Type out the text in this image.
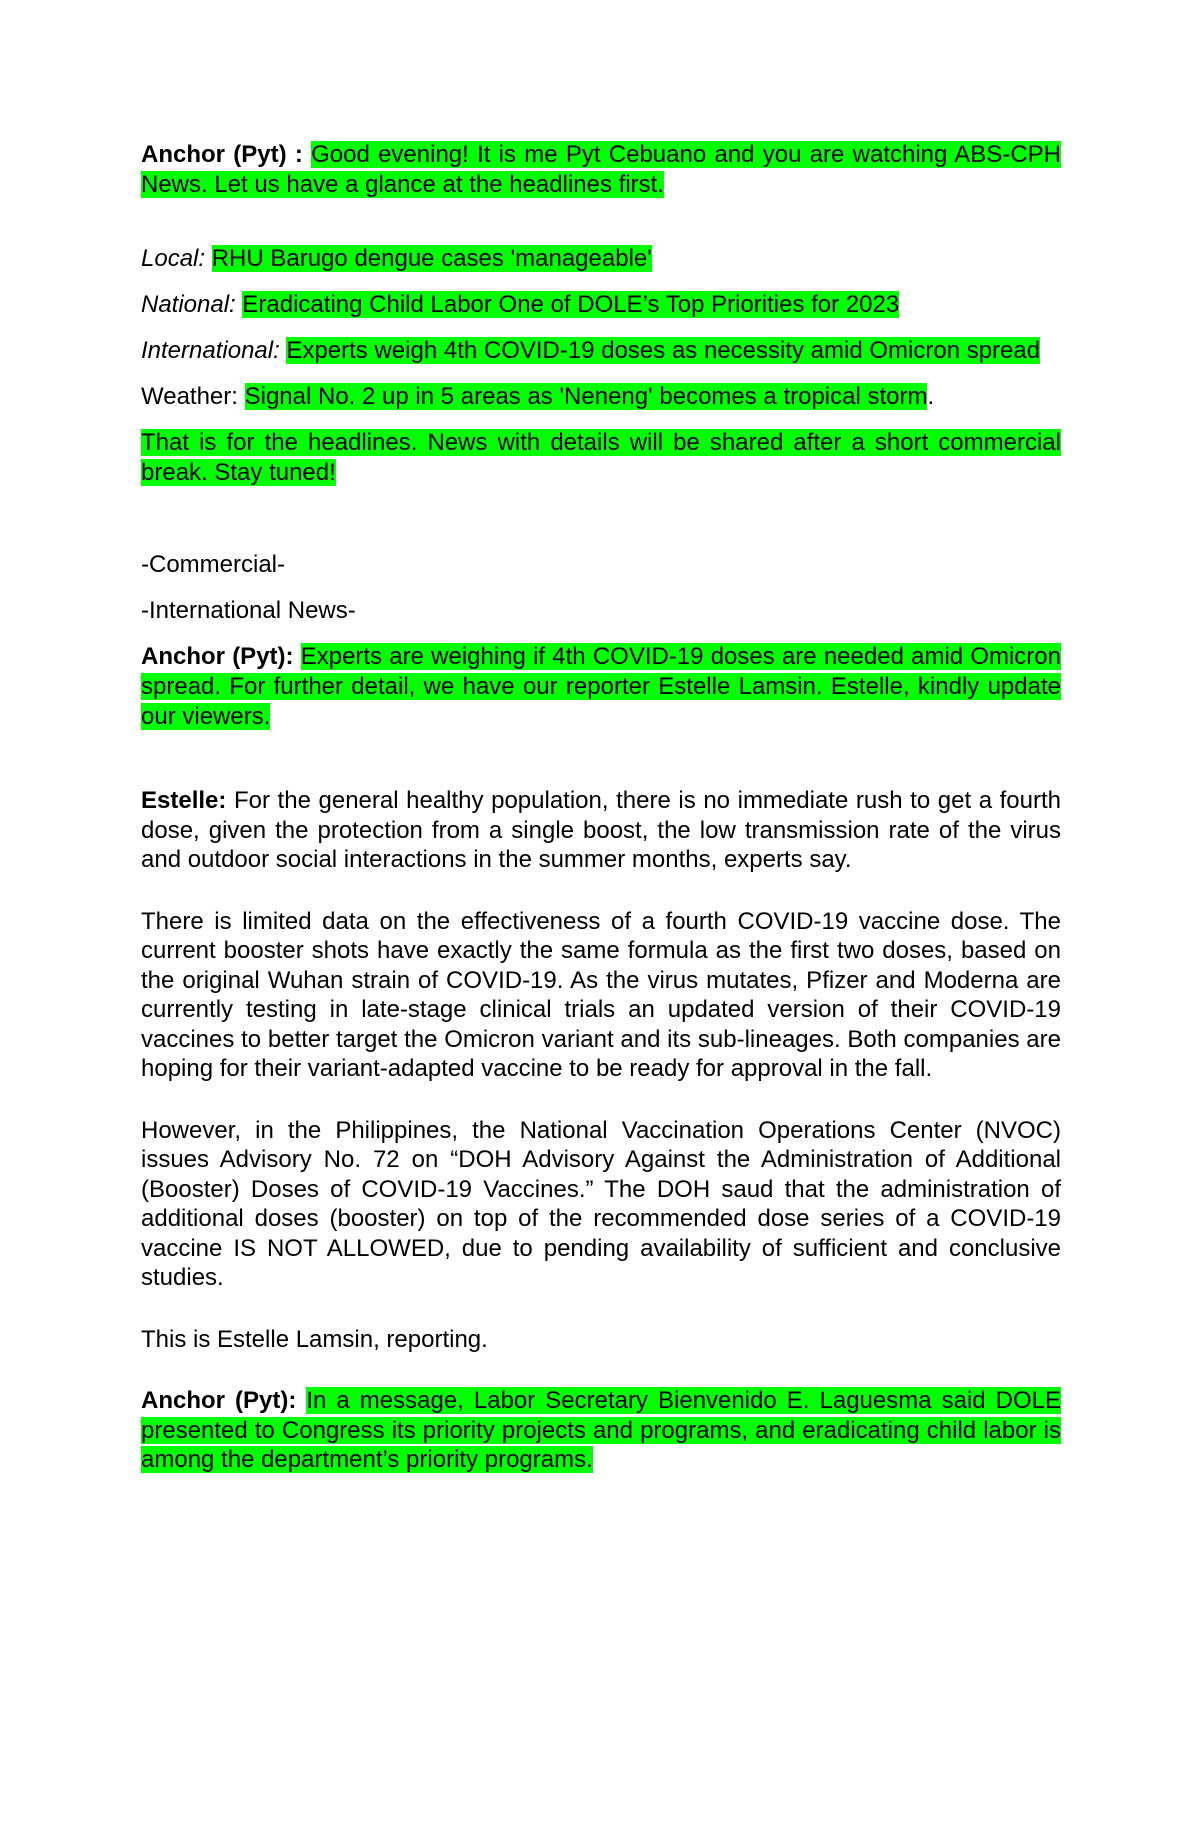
Anchor (Pyt) : Good evening! It is me Pyt Cebuano and you are watching ABS-CPH News. Let us have a glance at the headlines first.

Local: RHU Barugo dengue cases 'manageable'

National: Eradicating Child Labor One of DOLE’s Top Priorities for 2023

International: Experts weigh 4th COVID-19 doses as necessity amid Omicron spread

Weather: Signal No. 2 up in 5 areas as 'Neneng' becomes a tropical storm.

That is for the headlines. News with details will be shared after a short commercial break. Stay tuned!

-Commercial-

-International News-

Anchor (Pyt): Experts are weighing if 4th COVID-19 doses are needed amid Omicron spread. For further detail, we have our reporter Estelle Lamsin. Estelle, kindly update our viewers.

Estelle: For the general healthy population, there is no immediate rush to get a fourth dose, given the protection from a single boost, the low transmission rate of the virus and outdoor social interactions in the summer months, experts say.

There is limited data on the effectiveness of a fourth COVID-19 vaccine dose. The current booster shots have exactly the same formula as the first two doses, based on the original Wuhan strain of COVID-19. As the virus mutates, Pfizer and Moderna are currently testing in late-stage clinical trials an updated version of their COVID-19 vaccines to better target the Omicron variant and its sub-lineages. Both companies are hoping for their variant-adapted vaccine to be ready for approval in the fall.

However, in the Philippines, the National Vaccination Operations Center (NVOC) issues Advisory No. 72 on “DOH Advisory Against the Administration of Additional (Booster) Doses of COVID-19 Vaccines.” The DOH saud that the administration of additional doses (booster) on top of the recommended dose series of a COVID-19 vaccine IS NOT ALLOWED, due to pending availability of sufficient and conclusive studies.

This is Estelle Lamsin, reporting.

Anchor (Pyt): In a message, Labor Secretary Bienvenido E. Laguesma said DOLE presented to Congress its priority projects and programs, and eradicating child labor is among the department’s priority programs.
